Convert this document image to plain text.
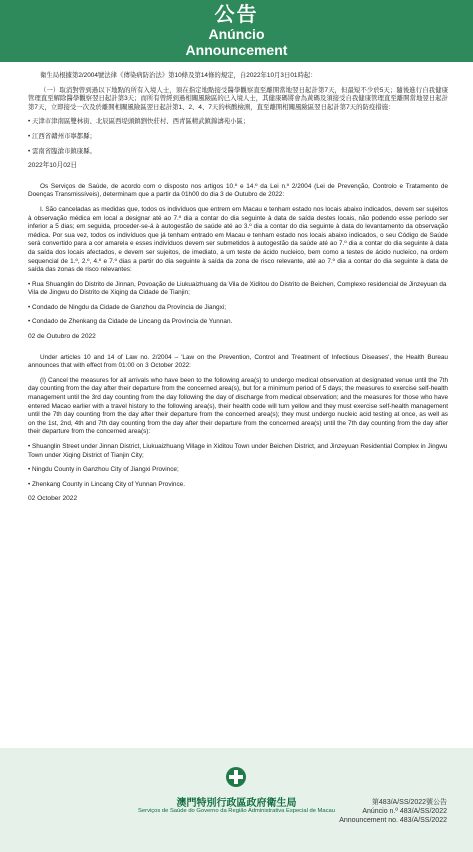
公告
Anúncio
Announcement

衛生局根據第2/2004號法律《傳染病防治法》第10條及第14條的規定，自2022年10月3日01時起：

（一）取消對曾到過以下地點的所有入境人士，須在指定地點接受醫學觀察直至離開當地翌日起計第7天，但最短不少於5天；隨後進行自我健康管理直至解除醫學觀察翌日起計第3天；而所有曾經到過相關風險區的已入境人士，其健康碼將會為黃碼及須接受自我健康管理直至離開當地翌日起計第7天，立即接受一次及於離開相關風險區翌日起計第1、2、4、7天的核酸檢測，直至離開相關風險區翌日起計第7天的防疫措施：

• 天津市津南區雙林街、北辰區西堤頭鎮劉快莊村、西青區精武鎮錦濤苑小區；

• 江西省贛州市寧都縣；

• 雲南省臨滄市鎮康縣。

2022年10月02日

Os Serviços de Saúde, de acordo com o disposto nos artigos 10.º e 14.º da Lei n.º 2/2004 (Lei de Prevenção, Controlo e Tratamento de Doenças Transmissíveis), determinam que a partir da 01h00 do dia 3 de Outubro de 2022:

I. São canceladas as medidas que, todos os indivíduos que entrem em Macau e tenham estado nos locais abaixo indicados, devem ser sujeitos à observação médica em local a designar até ao 7.º dia a contar do dia seguinte à data de saída destes locais, não podendo esse período ser inferior a 5 dias; em seguida, proceder-se-á à autogestão de saúde até ao 3.º dia a contar do dia seguinte à data do levantamento da observação médica. Por sua vez, todos os indivíduos que já tenham entrado em Macau e tenham estado nos locais abaixo indicados, o seu Código de Saúde será convertido para a cor amarela e esses indivíduos devem ser submetidos à autogestão da saúde até ao 7.º dia a contar do dia seguinte à data da saída dos locais afectados, e devem ser sujeitos, de imediato, a um teste de ácido nucleico, bem como a testes de ácido nucleico, na ordem sequencial de 1.º, 2.º, 4.º e 7.º dias a partir do dia seguinte à saída da zona de risco relevante, até ao 7.º dia a contar do dia seguinte à data de saída das zonas de risco relevantes:

• Rua Shuanglin do Distrito de Jinnan, Povoação de Liukuaizhuang da Vila de Xiditou do Distrito de Beichen, Complexo residencial de Jinzeyuan da Vila de Jingwu do Distrito de Xiqing da Cidade de Tianjin;

• Condado de Ningdu da Cidade de Ganzhou da Província de Jiangxi;

• Condado de Zhenkang da Cidade de Lincang da Província de Yunnan.

02 de Outubro de 2022

Under articles 10 and 14 of Law no. 2/2004 – 'Law on the Prevention, Control and Treatment of Infectious Diseases', the Health Bureau announces that with effect from 01:00 on 3 October 2022:

(I) Cancel the measures for all arrivals who have been to the following area(s) to undergo medical observation at designated venue until the 7th day counting from the day after their departure from the concerned area(s), but for a minimum period of 5 days; the measures to exercise self-health management until the 3rd day counting from the day following the day of discharge from medical observation; and the measures for those who have entered Macao earlier with a travel history to the following area(s), their health code will turn yellow and they must exercise self-health management until the 7th day counting from the day after their departure from the concerned area(s); they must undergo nucleic acid testing at once, as well as on the 1st, 2nd, 4th and 7th day counting from the day after their departure from the concerned area(s) until the 7th day counting from the day after their departure from the concerned area(s):

• Shuanglin Street under Jinnan District, Liukuaizhuang Village in Xiditou Town under Beichen District, and Jinzeyuan Residential Complex in Jingwu Town under Xiqing District of Tianjin City;

• Ningdu County in Ganzhou City of Jiangxi Province;

• Zhenkang County in Lincang City of Yunnan Province.

02 October 2022

澳門特別行政區政府衛生局
Serviços de Saúde do Governo da Região Administrativa Especial de Macau
第483/A/SS/2022號公告
Anúncio n.º 483/A/SS/2022
Announcement no. 483/A/SS/2022
